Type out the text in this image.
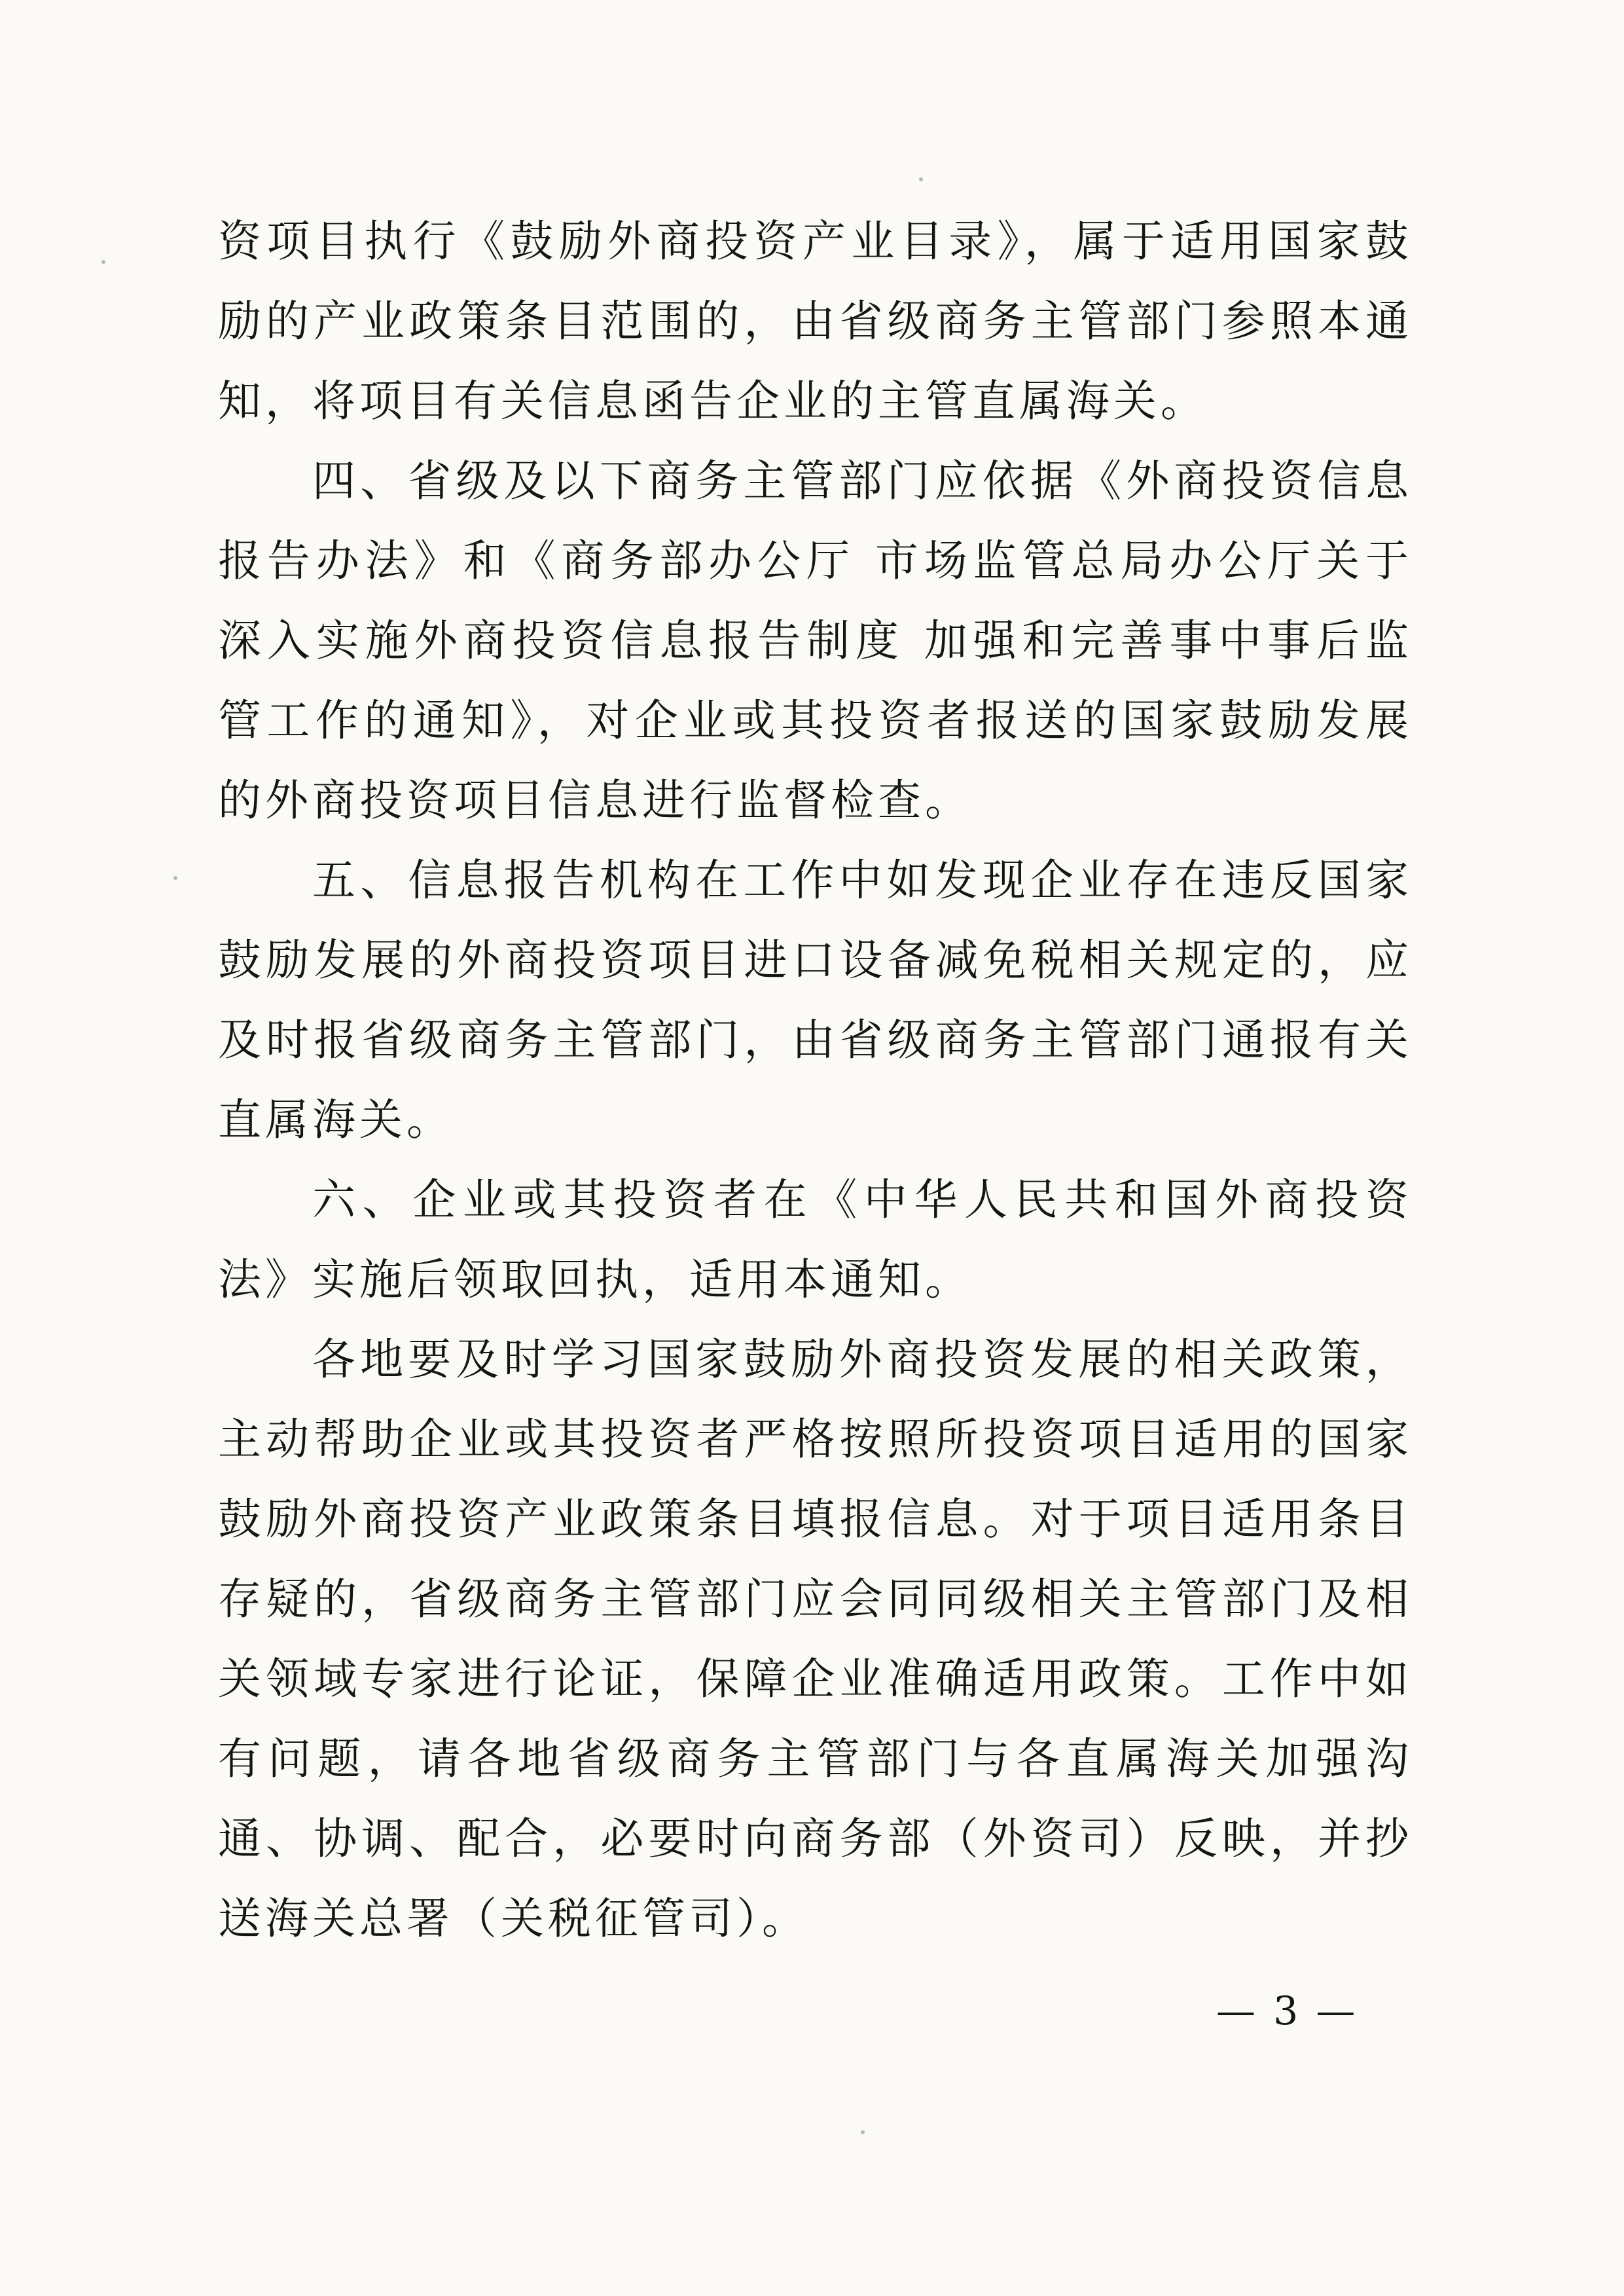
资项目执行《鼓励外商投资产业目录》，属于适用国家鼓励的产业政策条目范围的，由省级商务主管部门参照本通知，将项目有关信息函告企业的主管直属海关。

四、省级及以下商务主管部门应依据《外商投资信息报告办法》和《商务部办公厅 市场监管总局办公厅关于深入实施外商投资信息报告制度 加强和完善事中事后监管工作的通知》，对企业或其投资者报送的国家鼓励发展的外商投资项目信息进行监督检查。

五、信息报告机构在工作中如发现企业存在违反国家鼓励发展的外商投资项目进口设备减免税相关规定的，应及时报省级商务主管部门，由省级商务主管部门通报有关直属海关。

六、企业或其投资者在《中华人民共和国外商投资法》实施后领取回执，适用本通知。

各地要及时学习国家鼓励外商投资发展的相关政策，主动帮助企业或其投资者严格按照所投资项目适用的国家鼓励外商投资产业政策条目填报信息。对于项目适用条目存疑的，省级商务主管部门应会同同级相关主管部门及相关领域专家进行论证，保障企业准确适用政策。工作中如有问题，请各地省级商务主管部门与各直属海关加强沟通、协调、配合，必要时向商务部（外资司）反映，并抄送海关总署（关税征管司）。

— 3 —
